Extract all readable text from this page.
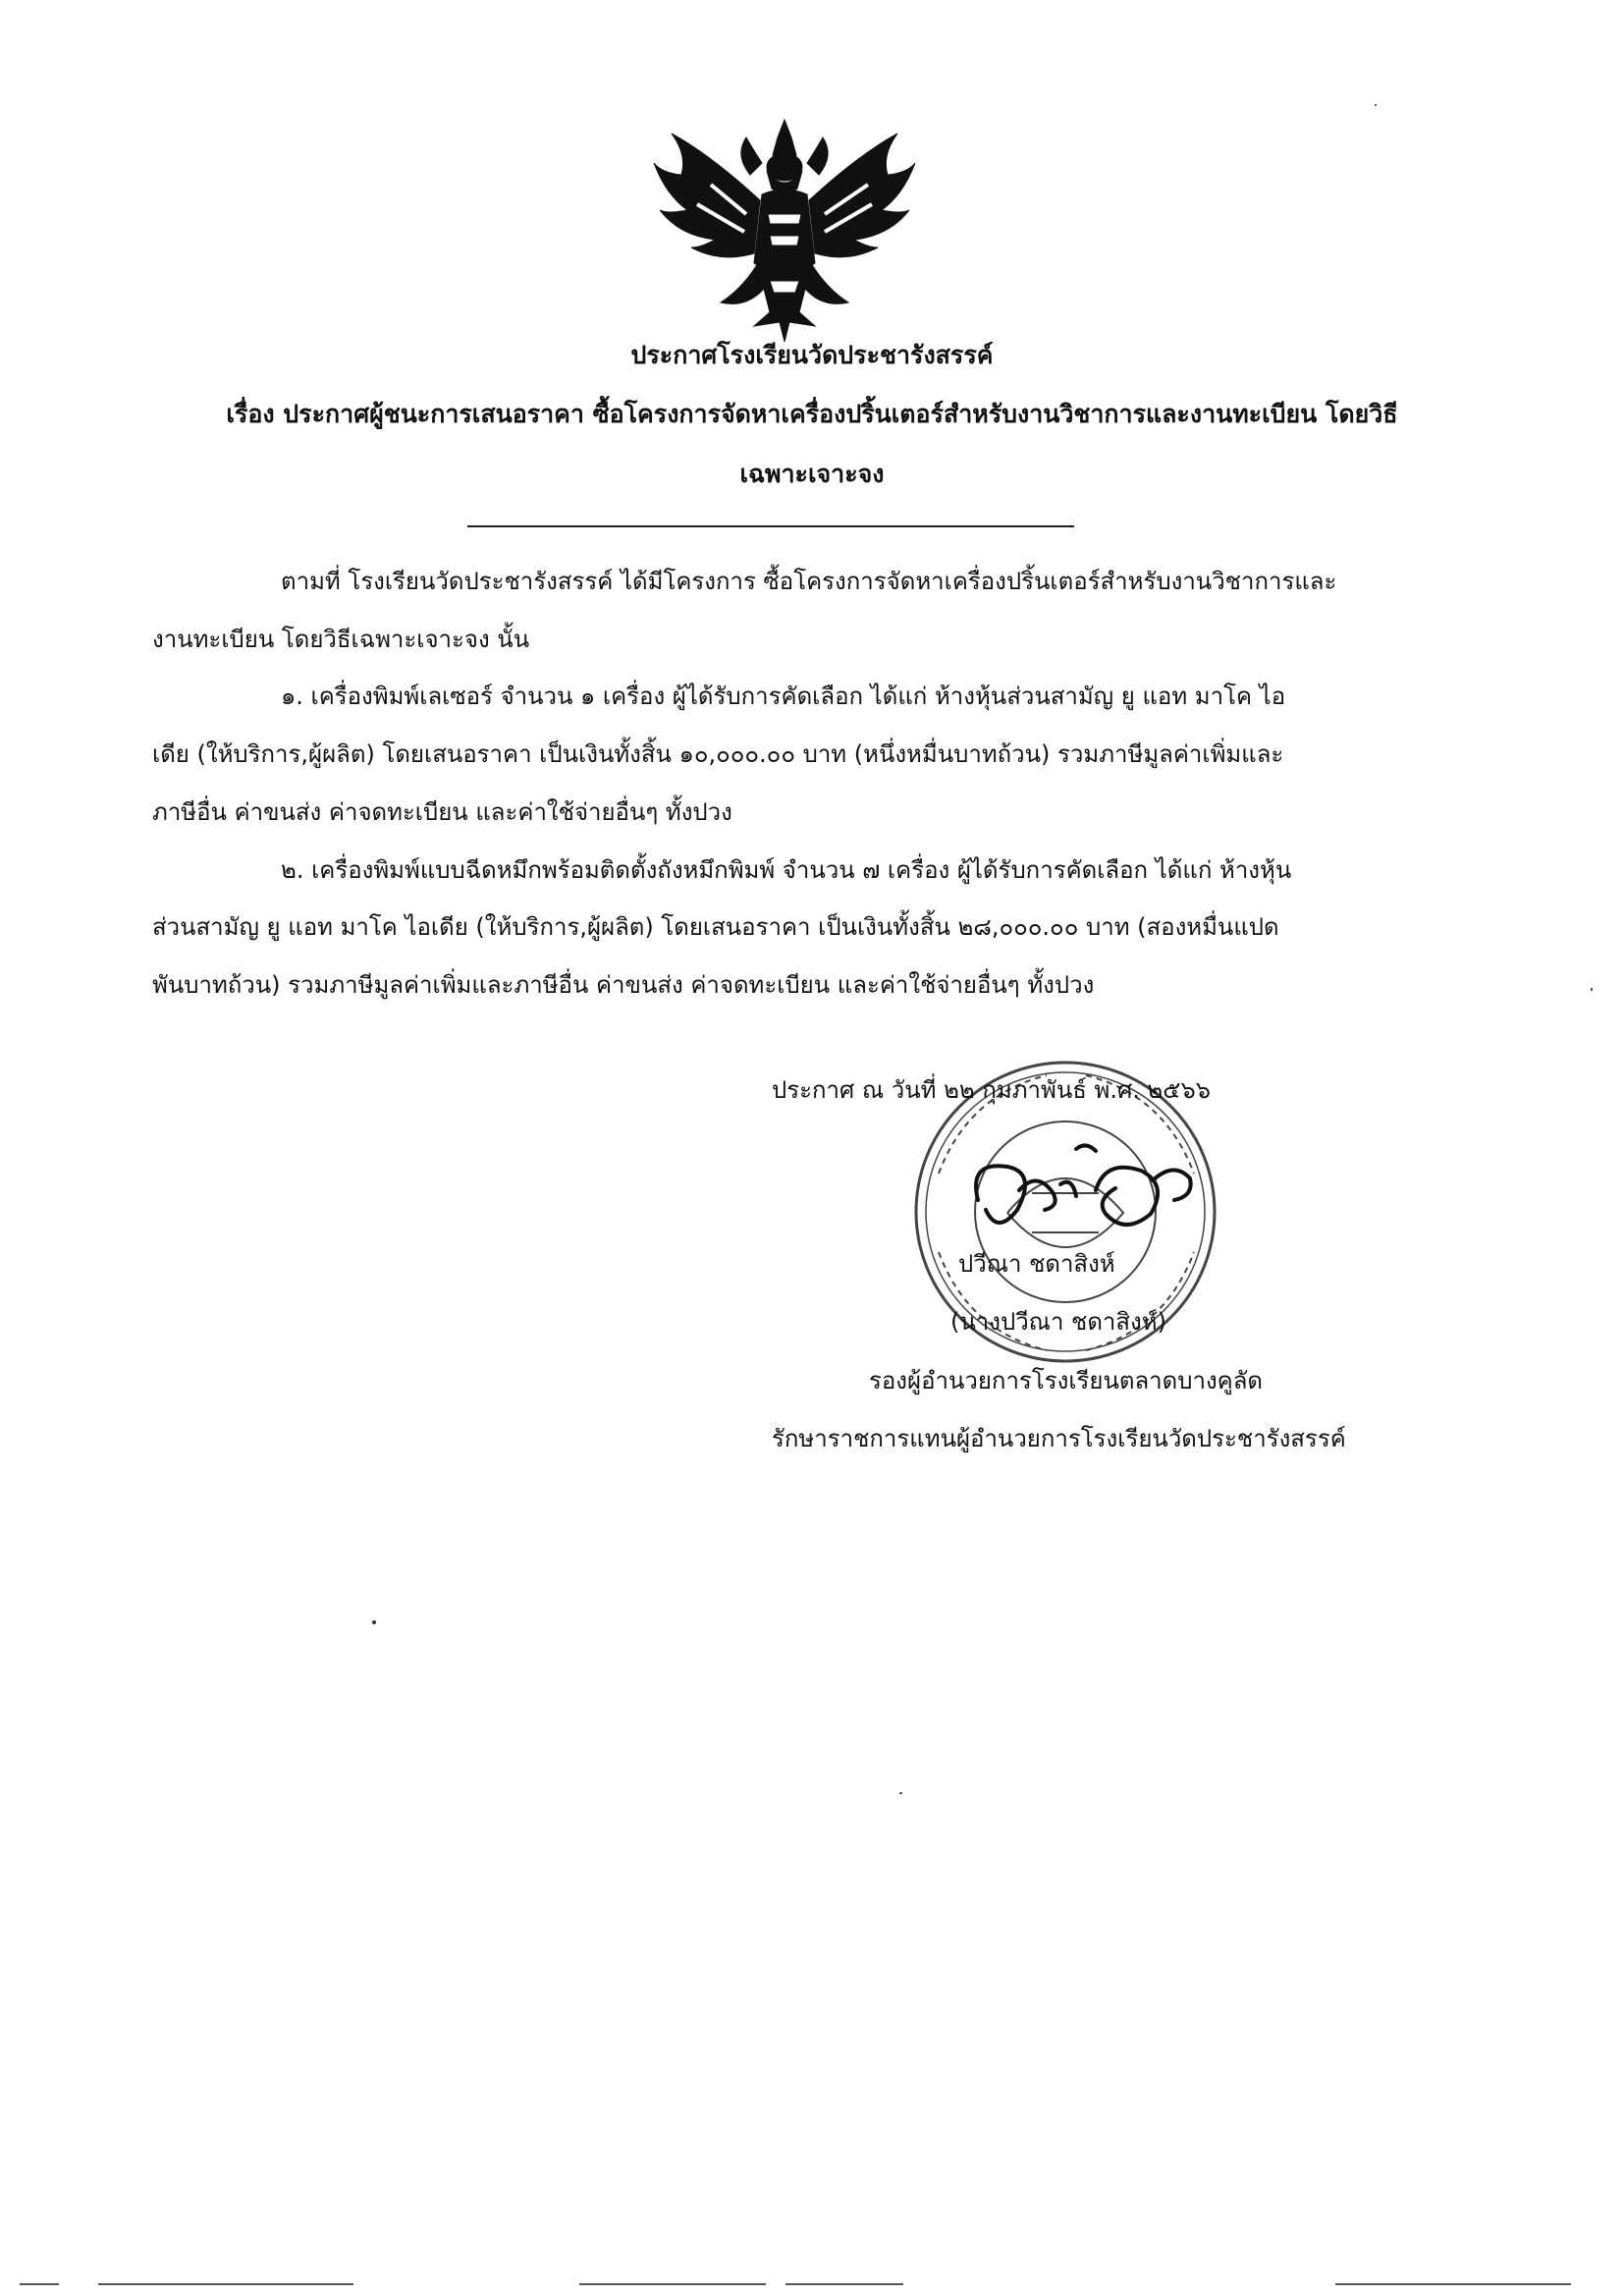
ประกาศโรงเรียนวัดประชารังสรรค์
เรื่อง ประกาศผู้ชนะการเสนอราคา ซื้อโครงการจัดหาเครื่องปริ้นเตอร์สำหรับงานวิชาการและงานทะเบียน โดยวิธี
เฉพาะเจาะจง
ตามที่ โรงเรียนวัดประชารังสรรค์ ได้มีโครงการ ซื้อโครงการจัดหาเครื่องปริ้นเตอร์สำหรับงานวิชาการและ
งานทะเบียน โดยวิธีเฉพาะเจาะจง นั้น
๑. เครื่องพิมพ์เลเซอร์ จำนวน ๑ เครื่อง ผู้ได้รับการคัดเลือก ได้แก่ ห้างหุ้นส่วนสามัญ ยู แอท มาโค ไอ
เดีย (ให้บริการ,ผู้ผลิต) โดยเสนอราคา เป็นเงินทั้งสิ้น ๑๐,๐๐๐.๐๐ บาท (หนึ่งหมื่นบาทถ้วน) รวมภาษีมูลค่าเพิ่มและ
ภาษีอื่น ค่าขนส่ง ค่าจดทะเบียน และค่าใช้จ่ายอื่นๆ ทั้งปวง
๒. เครื่องพิมพ์แบบฉีดหมึกพร้อมติดตั้งถังหมึกพิมพ์ จำนวน ๗ เครื่อง ผู้ได้รับการคัดเลือก ได้แก่ ห้างหุ้น
ส่วนสามัญ ยู แอท มาโค ไอเดีย (ให้บริการ,ผู้ผลิต) โดยเสนอราคา เป็นเงินทั้งสิ้น ๒๘,๐๐๐.๐๐ บาท (สองหมื่นแปด
พันบาทถ้วน) รวมภาษีมูลค่าเพิ่มและภาษีอื่น ค่าขนส่ง ค่าจดทะเบียน และค่าใช้จ่ายอื่นๆ ทั้งปวง
ประกาศ ณ วันที่ ๒๒ กุมภาพันธ์ พ.ศ. ๒๕๖๖
ปวีณา ชดาสิงห์
(นางปวีณา ชดาสิงห์)
รองผู้อำนวยการโรงเรียนตลาดบางคูลัด
รักษาราชการแทนผู้อำนวยการโรงเรียนวัดประชารังสรรค์
